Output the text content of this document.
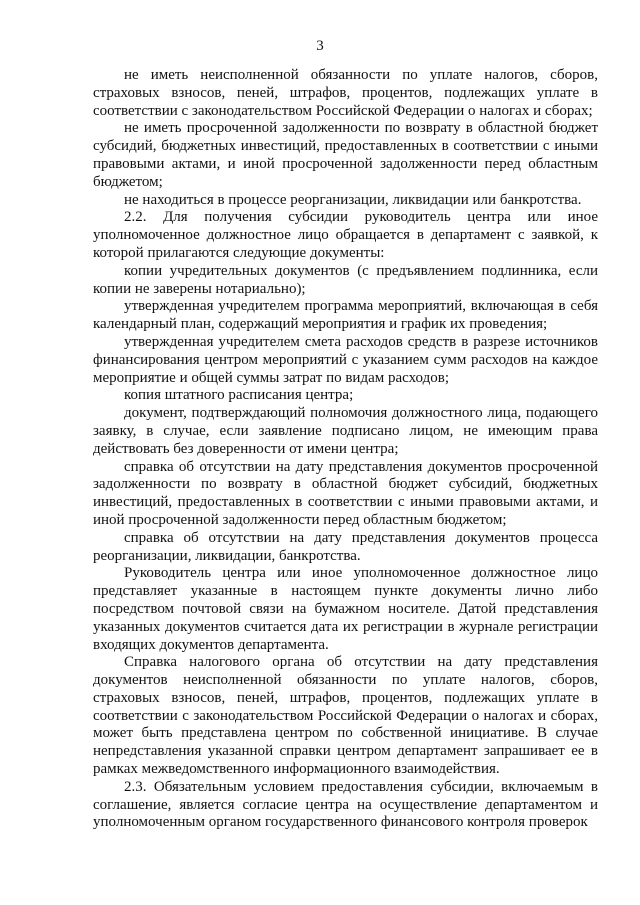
3

не иметь неисполненной обязанности по уплате налогов, сборов, страховых взносов, пеней, штрафов, процентов, подлежащих уплате в соответствии с законодательством Российской Федерации о налогах и сборах;

не иметь просроченной задолженности по возврату в областной бюджет субсидий, бюджетных инвестиций, предоставленных в соответствии с иными правовыми актами, и иной просроченной задолженности перед областным бюджетом;

не находиться в процессе реорганизации, ликвидации или банкротства.

2.2. Для получения субсидии руководитель центра или иное уполномоченное должностное лицо обращается в департамент с заявкой, к которой прилагаются следующие документы:

копии учредительных документов (с предъявлением подлинника, если копии не заверены нотариально);

утвержденная учредителем программа мероприятий, включающая в себя календарный план, содержащий мероприятия и график их проведения;

утвержденная учредителем смета расходов средств в разрезе источников финансирования центром мероприятий с указанием сумм расходов на каждое мероприятие и общей суммы затрат по видам расходов;

копия штатного расписания центра;

документ, подтверждающий полномочия должностного лица, подающего заявку, в случае, если заявление подписано лицом, не имеющим права действовать без доверенности от имени центра;

справка об отсутствии на дату представления документов просроченной задолженности по возврату в областной бюджет субсидий, бюджетных инвестиций, предоставленных в соответствии с иными правовыми актами, и иной просроченной задолженности перед областным бюджетом;

справка об отсутствии на дату представления документов процесса реорганизации, ликвидации, банкротства.

Руководитель центра или иное уполномоченное должностное лицо представляет указанные в настоящем пункте документы лично либо посредством почтовой связи на бумажном носителе. Датой представления указанных документов считается дата их регистрации в журнале регистрации входящих документов департамента.

Справка налогового органа об отсутствии на дату представления документов неисполненной обязанности по уплате налогов, сборов, страховых взносов, пеней, штрафов, процентов, подлежащих уплате в соответствии с законодательством Российской Федерации о налогах и сборах, может быть представлена центром по собственной инициативе. В случае непредставления указанной справки центром департамент запрашивает ее в рамках межведомственного информационного взаимодействия.

2.3. Обязательным условием предоставления субсидии, включаемым в соглашение, является согласие центра на осуществление департаментом и уполномоченным органом государственного финансового контроля проверок
